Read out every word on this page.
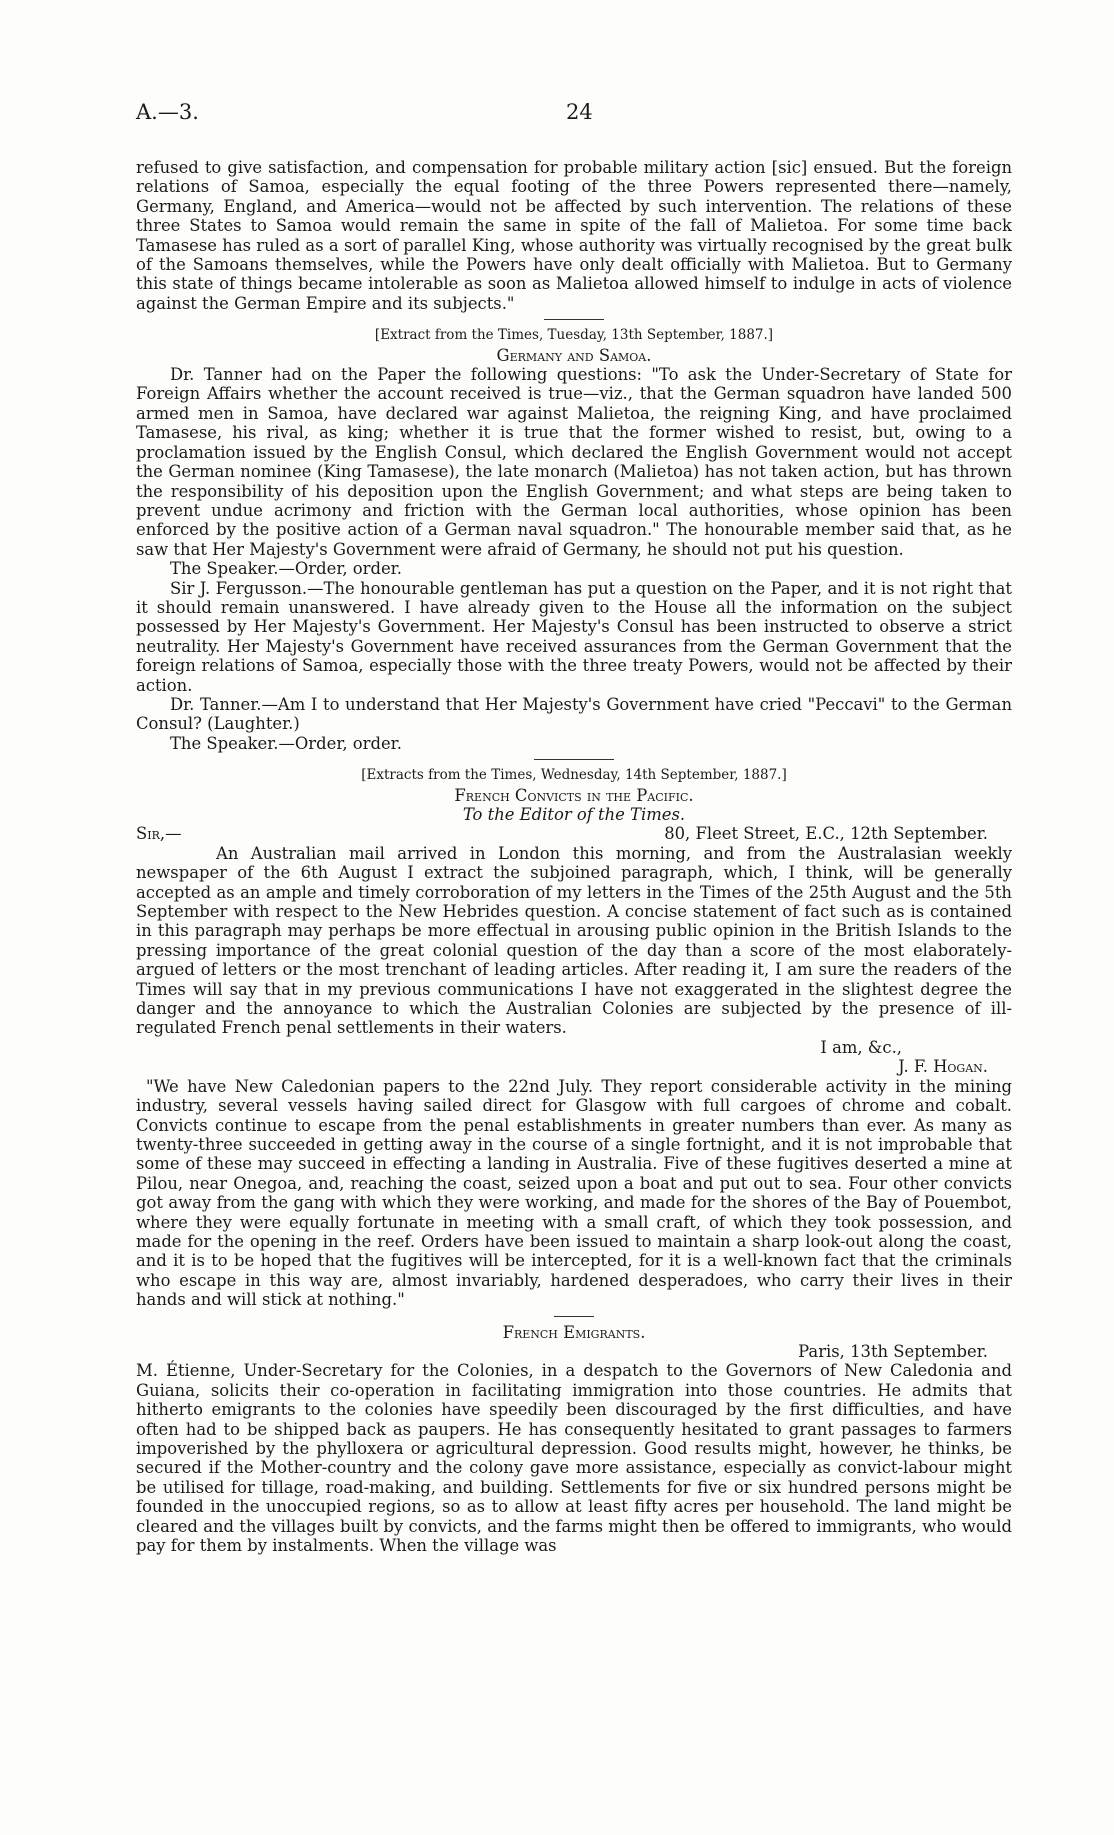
A.—3.	24

refused to give satisfaction, and compensation for probable military action [sic] ensued. But the foreign relations of Samoa, especially the equal footing of the three Powers represented there—namely, Germany, England, and America—would not be affected by such intervention. The relations of these three States to Samoa would remain the same in spite of the fall of Malietoa. For some time back Tamasese has ruled as a sort of parallel King, whose authority was virtually recognised by the great bulk of the Samoans themselves, while the Powers have only dealt officially with Malietoa. But to Germany this state of things became intolerable as soon as Malietoa allowed himself to indulge in acts of violence against the German Empire and its subjects."

[Extract from the Times, Tuesday, 13th September, 1887.]

Germany and Samoa.

Dr. Tanner had on the Paper the following questions: "To ask the Under-Secretary of State for Foreign Affairs whether the account received is true—viz., that the German squadron have landed 500 armed men in Samoa, have declared war against Malietoa, the reigning King, and have proclaimed Tamasese, his rival, as king; whether it is true that the former wished to resist, but, owing to a proclamation issued by the English Consul, which declared the English Government would not accept the German nominee (King Tamasese), the late monarch (Malietoa) has not taken action, but has thrown the responsibility of his deposition upon the English Government; and what steps are being taken to prevent undue acrimony and friction with the German local authorities, whose opinion has been enforced by the positive action of a German naval squadron." The honourable member said that, as he saw that Her Majesty's Government were afraid of Germany, he should not put his question.

The Speaker.—Order, order.

Sir J. Fergusson.—The honourable gentleman has put a question on the Paper, and it is not right that it should remain unanswered. I have already given to the House all the information on the subject possessed by Her Majesty's Government. Her Majesty's Consul has been instructed to observe a strict neutrality. Her Majesty's Government have received assurances from the German Government that the foreign relations of Samoa, especially those with the three treaty Powers, would not be affected by their action.

Dr. Tanner.—Am I to understand that Her Majesty's Government have cried "Peccavi" to the German Consul? (Laughter.)

The Speaker.—Order, order.

[Extracts from the Times, Wednesday, 14th September, 1887.]

French Convicts in the Pacific.

To the Editor of the Times.

Sir,—	80, Fleet Street, E.C., 12th September.

An Australian mail arrived in London this morning, and from the Australasian weekly newspaper of the 6th August I extract the subjoined paragraph, which, I think, will be generally accepted as an ample and timely corroboration of my letters in the Times of the 25th August and the 5th September with respect to the New Hebrides question. A concise statement of fact such as is contained in this paragraph may perhaps be more effectual in arousing public opinion in the British Islands to the pressing importance of the great colonial question of the day than a score of the most elaborately-argued of letters or the most trenchant of leading articles. After reading it, I am sure the readers of the Times will say that in my previous communications I have not exaggerated in the slightest degree the danger and the annoyance to which the Australian Colonies are subjected by the presence of ill-regulated French penal settlements in their waters.

I am, &c.,

J. F. Hogan.

"We have New Caledonian papers to the 22nd July. They report considerable activity in the mining industry, several vessels having sailed direct for Glasgow with full cargoes of chrome and cobalt. Convicts continue to escape from the penal establishments in greater numbers than ever. As many as twenty-three succeeded in getting away in the course of a single fortnight, and it is not improbable that some of these may succeed in effecting a landing in Australia. Five of these fugitives deserted a mine at Pilou, near Onegoa, and, reaching the coast, seized upon a boat and put out to sea. Four other convicts got away from the gang with which they were working, and made for the shores of the Bay of Pouembot, where they were equally fortunate in meeting with a small craft, of which they took possession, and made for the opening in the reef. Orders have been issued to maintain a sharp look-out along the coast, and it is to be hoped that the fugitives will be intercepted, for it is a well-known fact that the criminals who escape in this way are, almost invariably, hardened desperadoes, who carry their lives in their hands and will stick at nothing."

French Emigrants.

Paris, 13th September.

M. Étienne, Under-Secretary for the Colonies, in a despatch to the Governors of New Caledonia and Guiana, solicits their co-operation in facilitating immigration into those countries. He admits that hitherto emigrants to the colonies have speedily been discouraged by the first difficulties, and have often had to be shipped back as paupers. He has consequently hesitated to grant passages to farmers impoverished by the phylloxera or agricultural depression. Good results might, however, he thinks, be secured if the Mother-country and the colony gave more assistance, especially as convict-labour might be utilised for tillage, road-making, and building. Settlements for five or six hundred persons might be founded in the unoccupied regions, so as to allow at least fifty acres per household. The land might be cleared and the villages built by convicts, and the farms might then be offered to immigrants, who would pay for them by instalments. When the village was
